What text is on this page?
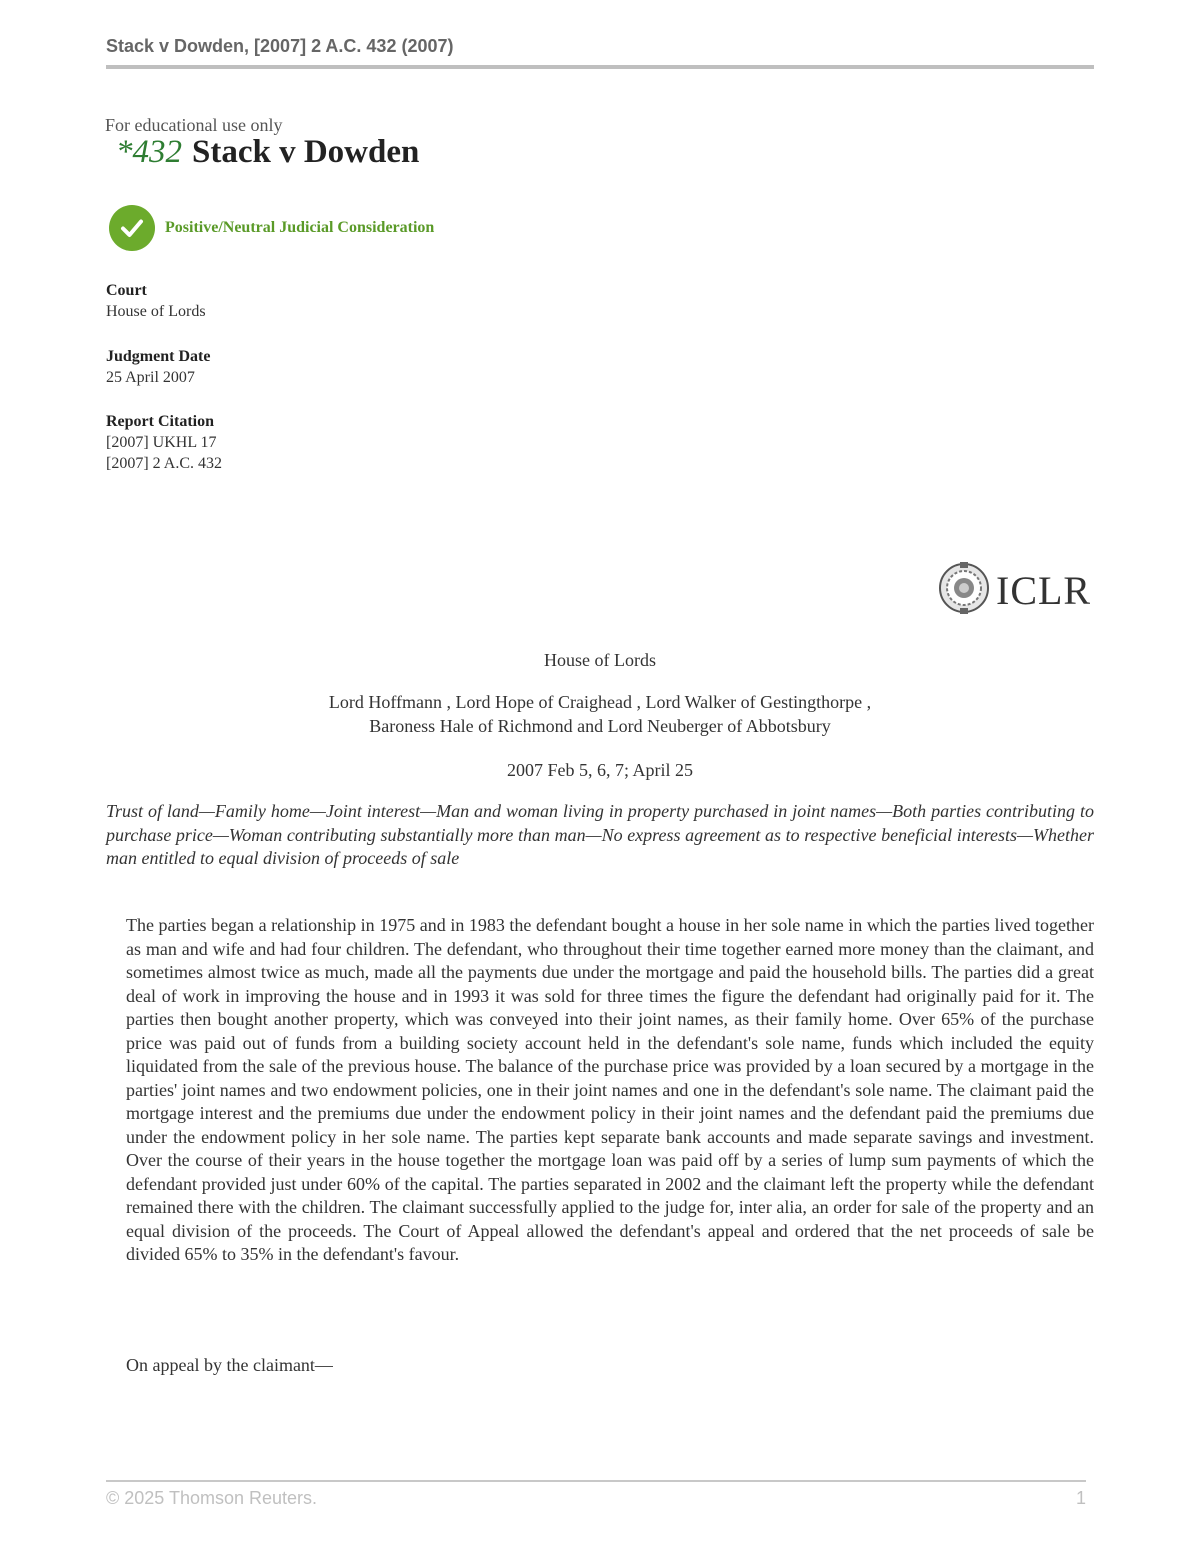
Stack v Dowden, [2007] 2 A.C. 432 (2007)
For educational use only
*432 Stack v Dowden
Positive/Neutral Judicial Consideration
Court
House of Lords
Judgment Date
25 April 2007
Report Citation
[2007] UKHL 17
[2007] 2 A.C. 432
ICLR
House of Lords
Lord Hoffmann , Lord Hope of Craighead , Lord Walker of Gestingthorpe ,
Baroness Hale of Richmond and Lord Neuberger of Abbotsbury
2007 Feb 5, 6, 7; April 25
Trust of land—Family home—Joint interest—Man and woman living in property purchased in joint names—Both parties contributing to purchase price—Woman contributing substantially more than man—No express agreement as to respective beneficial interests—Whether man entitled to equal division of proceeds of sale
The parties began a relationship in 1975 and in 1983 the defendant bought a house in her sole name in which the parties lived together as man and wife and had four children. The defendant, who throughout their time together earned more money than the claimant, and sometimes almost twice as much, made all the payments due under the mortgage and paid the household bills. The parties did a great deal of work in improving the house and in 1993 it was sold for three times the figure the defendant had originally paid for it. The parties then bought another property, which was conveyed into their joint names, as their family home. Over 65% of the purchase price was paid out of funds from a building society account held in the defendant's sole name, funds which included the equity liquidated from the sale of the previous house. The balance of the purchase price was provided by a loan secured by a mortgage in the parties' joint names and two endowment policies, one in their joint names and one in the defendant's sole name. The claimant paid the mortgage interest and the premiums due under the endowment policy in their joint names and the defendant paid the premiums due under the endowment policy in her sole name. The parties kept separate bank accounts and made separate savings and investment. Over the course of their years in the house together the mortgage loan was paid off by a series of lump sum payments of which the defendant provided just under 60% of the capital. The parties separated in 2002 and the claimant left the property while the defendant remained there with the children. The claimant successfully applied to the judge for, inter alia, an order for sale of the property and an equal division of the proceeds. The Court of Appeal allowed the defendant's appeal and ordered that the net proceeds of sale be divided 65% to 35% in the defendant's favour.
On appeal by the claimant—
© 2025 Thomson Reuters.	1
